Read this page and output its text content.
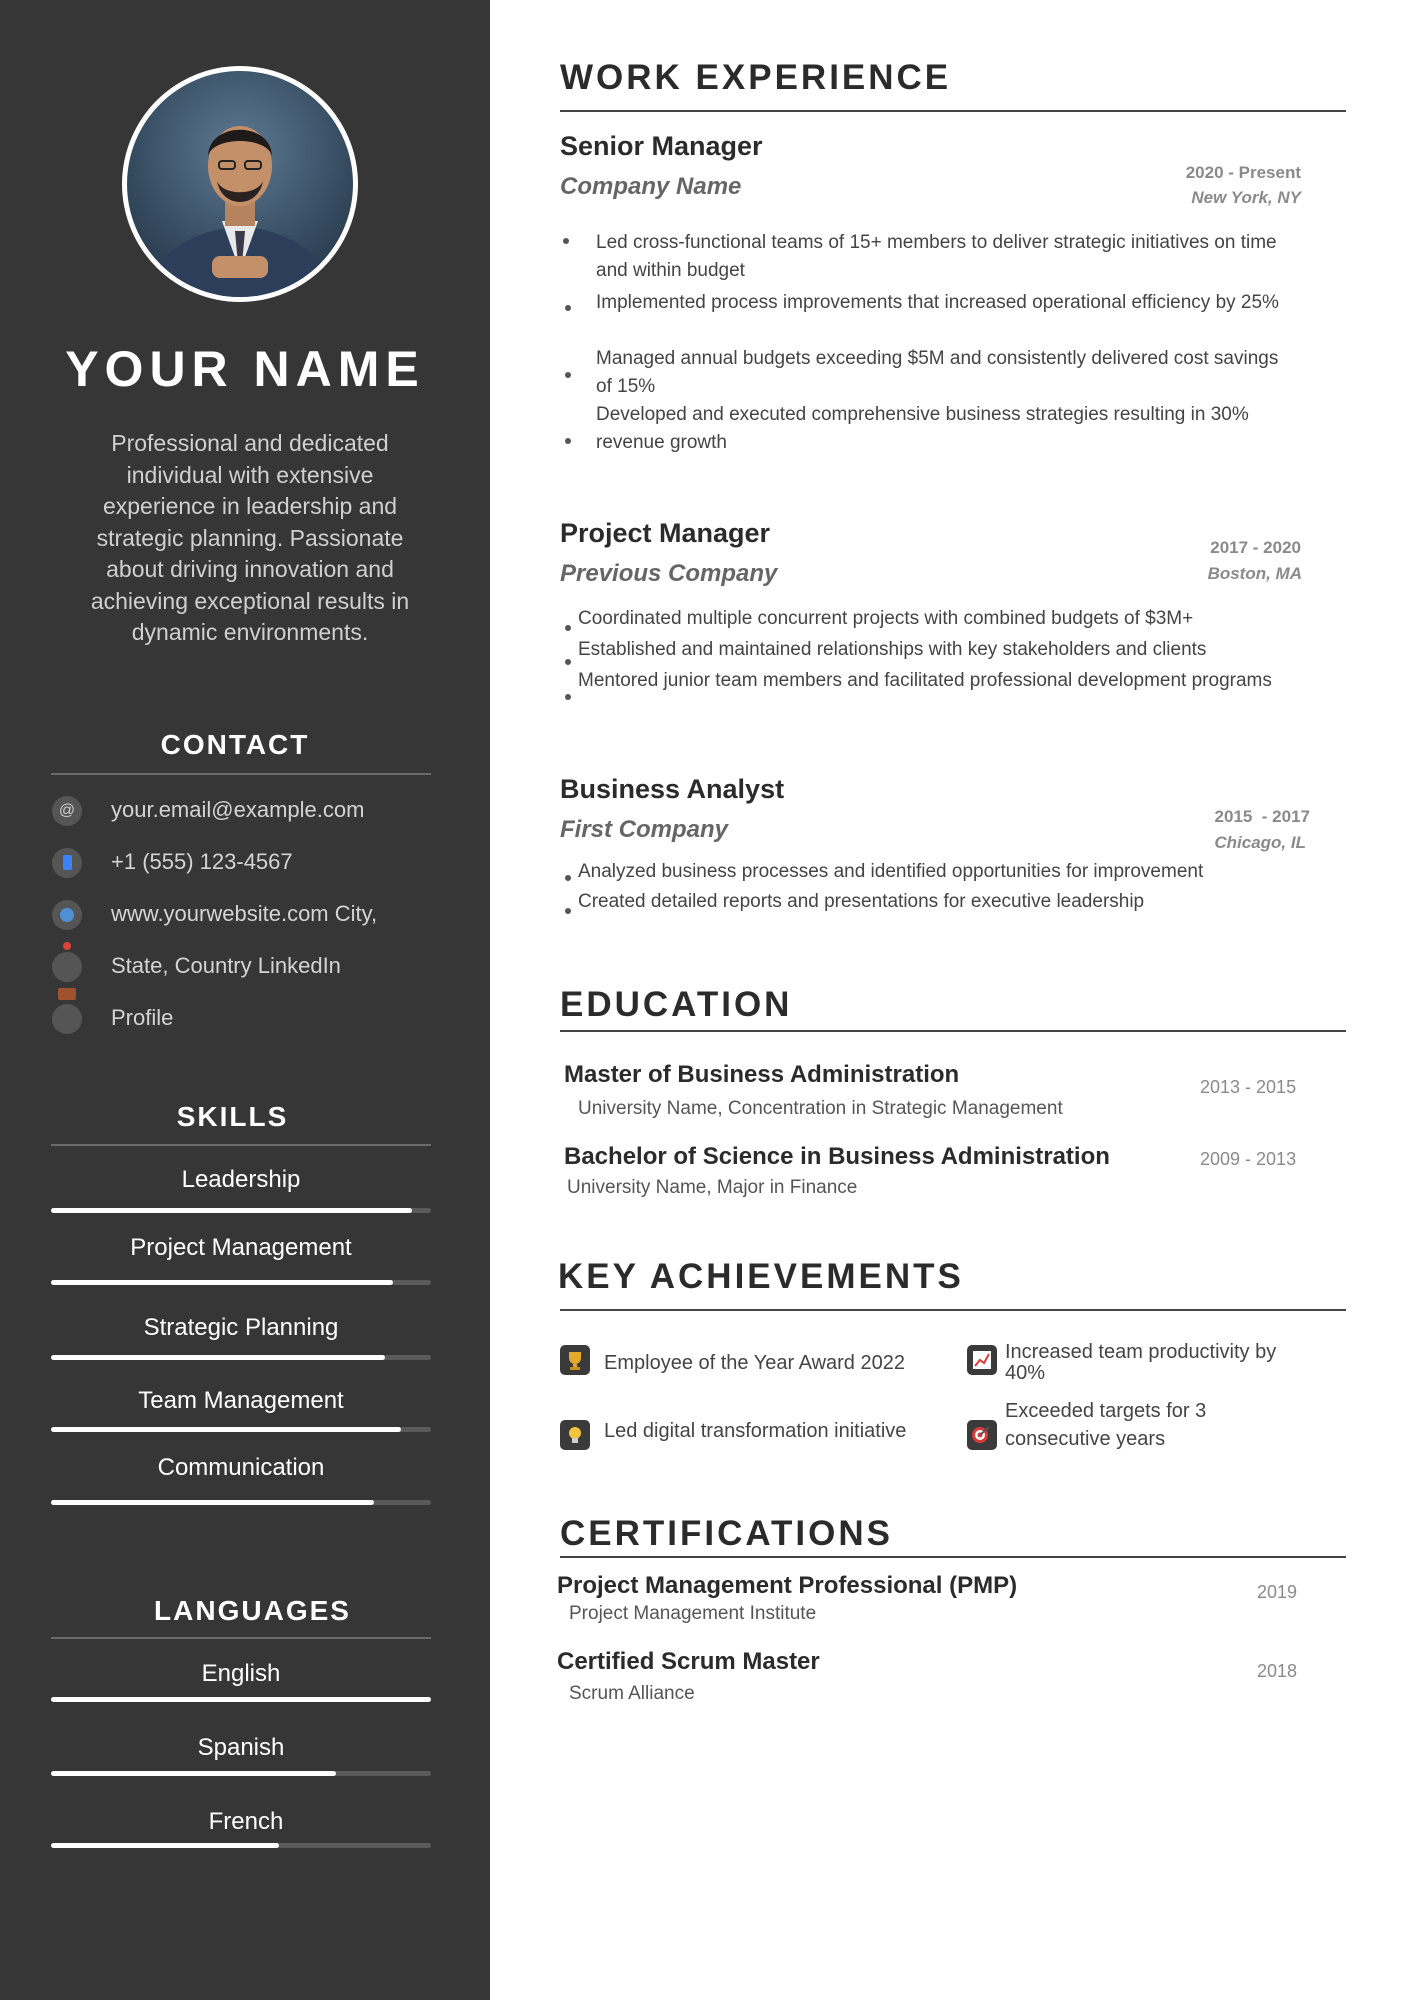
YOUR NAME
Professional and dedicated individual with extensive experience in leadership and strategic planning. Passionate about driving innovation and achieving exceptional results in dynamic environments.
CONTACT
@	your.email@example.com
+1 (555) 123-4567
www.yourwebsite.com City,
State, Country LinkedIn
Profile
SKILLS
Leadership
Project Management
Strategic Planning
Team Management
Communication
LANGUAGES
English
Spanish
French
WORK EXPERIENCE
Senior Manager
Company Name
2020 - Present
New York, NY
Led cross-functional teams of 15+ members to deliver strategic initiatives on time and within budget
Implemented process improvements that increased operational efficiency by 25%
Managed annual budgets exceeding $5M and consistently delivered cost savings of 15%
Developed and executed comprehensive business strategies resulting in 30% revenue growth
Project Manager
Previous Company
2017 - 2020
Boston, MA
Coordinated multiple concurrent projects with combined budgets of $3M+
Established and maintained relationships with key stakeholders and clients
Mentored junior team members and facilitated professional development programs
Business Analyst
First Company	2015  - 2017
Chicago, IL
Analyzed business processes and identified opportunities for improvement
Created detailed reports and presentations for executive leadership
EDUCATION
Master of Business Administration
University Name, Concentration in Strategic Management
2013 - 2015
Bachelor of Science in Business Administration
University Name, Major in Finance
2009 - 2013
KEY ACHIEVEMENTS
Employee of the Year Award 2022	Increased team productivity by 40%
Led digital transformation initiative
Exceeded targets for 3 consecutive years
CERTIFICATIONS
Project Management Professional (PMP)
Project Management Institute
2019
Certified Scrum Master
Scrum Alliance
2018
